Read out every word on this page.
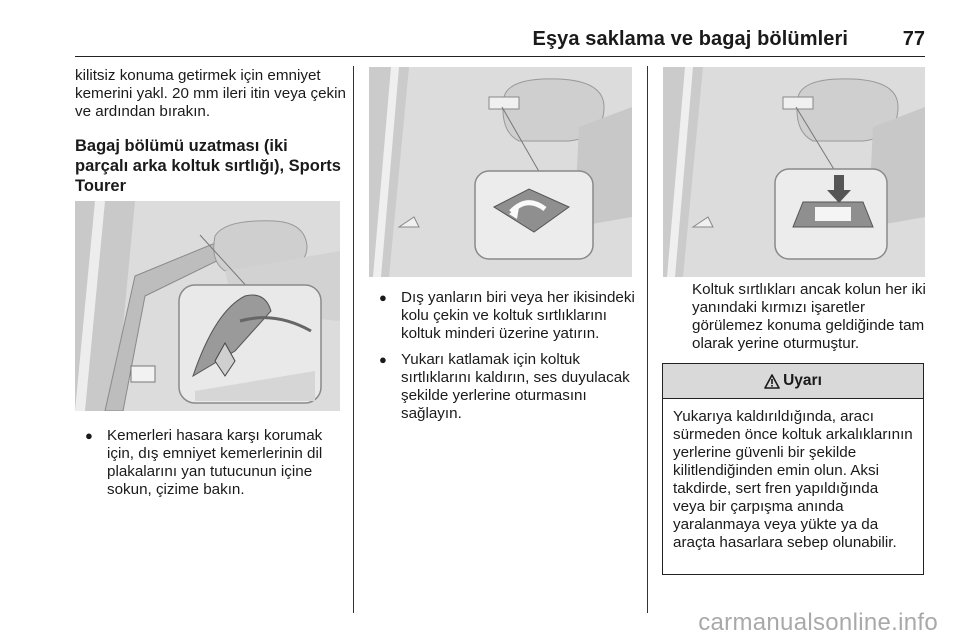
Eşya saklama ve bagaj bölümleri	77
kilitsiz konuma getirmek için emniyet kemerini yakl. 20 mm ileri itin veya çekin ve ardından bırakın.
Bagaj bölümü uzatması (iki
parçalı arka koltuk sırtlığı), Sports
Tourer
● Kemerleri hasara karşı korumak için, dış emniyet kemerlerinin dil plakalarını yan tutucunun içine sokun, çizime bakın.
● Dış yanların biri veya her ikisindeki kolu çekin ve koltuk sırtlıklarını koltuk minderi üzerine yatırın.
● Yukarı katlamak için koltuk sırtlıklarını kaldırın, ses duyulacak şekilde yerlerine oturmasını sağlayın.
Koltuk sırtlıkları ancak kolun her iki yanındaki kırmızı işaretler görülemez konuma geldiğinde tam olarak yerine oturmuştur.
Uyarı
Yukarıya kaldırıldığında, aracı sürmeden önce koltuk arkalıklarının yerlerine güvenli bir şekilde kilitlendiğinden emin olun. Aksi takdirde, sert fren yapıldığında veya bir çarpışma anında yaralanmaya veya yükte ya da araçta hasarlara sebep olunabilir.
carmanualsonline.info
